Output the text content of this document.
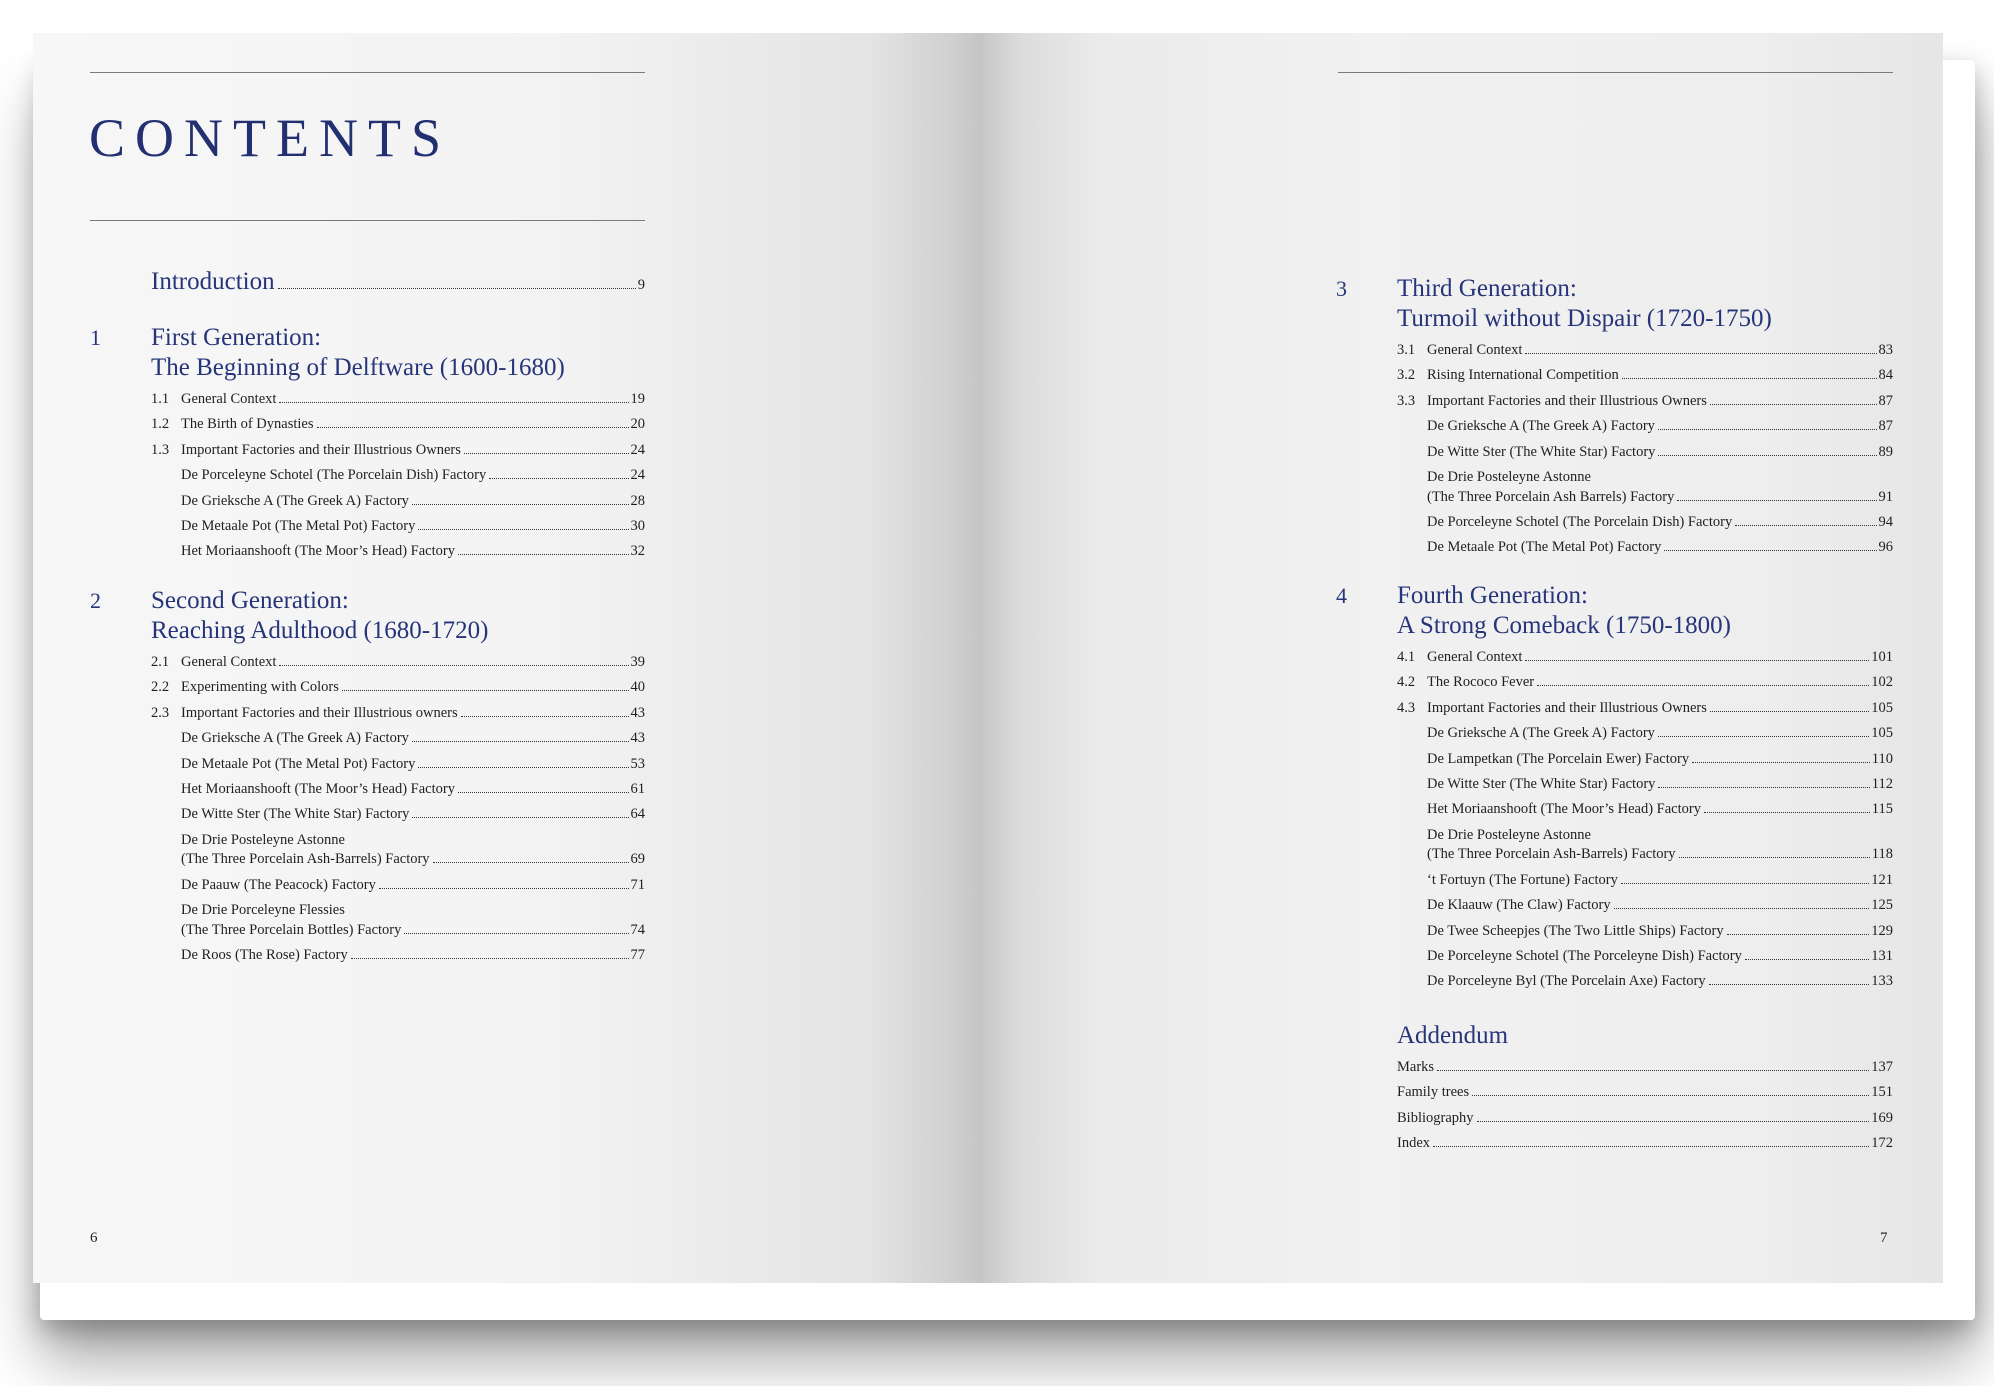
CONTENTS
Introduction	9
1 First Generation:
The Beginning of Delftware (1600-1680)
1.1 General Context	19
1.2 The Birth of Dynasties	20
1.3 Important Factories and their Illustrious Owners	24
De Porceleyne Schotel (The Porcelain Dish) Factory	24
De Grieksche A (The Greek A) Factory	28
De Metaale Pot (The Metal Pot) Factory	30
Het Moriaanshooft (The Moor’s Head) Factory	32
2 Second Generation:
Reaching Adulthood (1680-1720)
2.1 General Context	39
2.2 Experimenting with Colors	40
2.3 Important Factories and their Illustrious owners	43
De Grieksche A (The Greek A) Factory	43
De Metaale Pot (The Metal Pot) Factory	53
Het Moriaanshooft (The Moor’s Head) Factory	61
De Witte Ster (The White Star) Factory	64
De Drie Posteleyne Astonne
(The Three Porcelain Ash-Barrels) Factory	69
De Paauw (The Peacock) Factory	71
De Drie Porceleyne Flessies
(The Three Porcelain Bottles) Factory	74
De Roos (The Rose) Factory	77
6
3 Third Generation:
Turmoil without Dispair (1720-1750)
3.1 General Context	83
3.2 Rising International Competition	84
3.3 Important Factories and their Illustrious Owners	87
De Grieksche A (The Greek A) Factory	87
De Witte Ster (The White Star) Factory	89
De Drie Posteleyne Astonne
(The Three Porcelain Ash Barrels) Factory	91
De Porceleyne Schotel (The Porcelain Dish) Factory	94
De Metaale Pot (The Metal Pot) Factory	96
4 Fourth Generation:
A Strong Comeback (1750-1800)
4.1 General Context	101
4.2 The Rococo Fever	102
4.3 Important Factories and their Illustrious Owners	105
De Grieksche A (The Greek A) Factory	105
De Lampetkan (The Porcelain Ewer) Factory	110
De Witte Ster (The White Star) Factory	112
Het Moriaanshooft (The Moor’s Head) Factory	115
De Drie Posteleyne Astonne
(The Three Porcelain Ash-Barrels) Factory	118
‘t Fortuyn (The Fortune) Factory	121
De Klaauw (The Claw) Factory	125
De Twee Scheepjes (The Two Little Ships) Factory	129
De Porceleyne Schotel (The Porceleyne Dish) Factory	131
De Porceleyne Byl (The Porcelain Axe) Factory	133
Addendum
Marks	137
Family trees	151
Bibliography	169
Index	172
7
